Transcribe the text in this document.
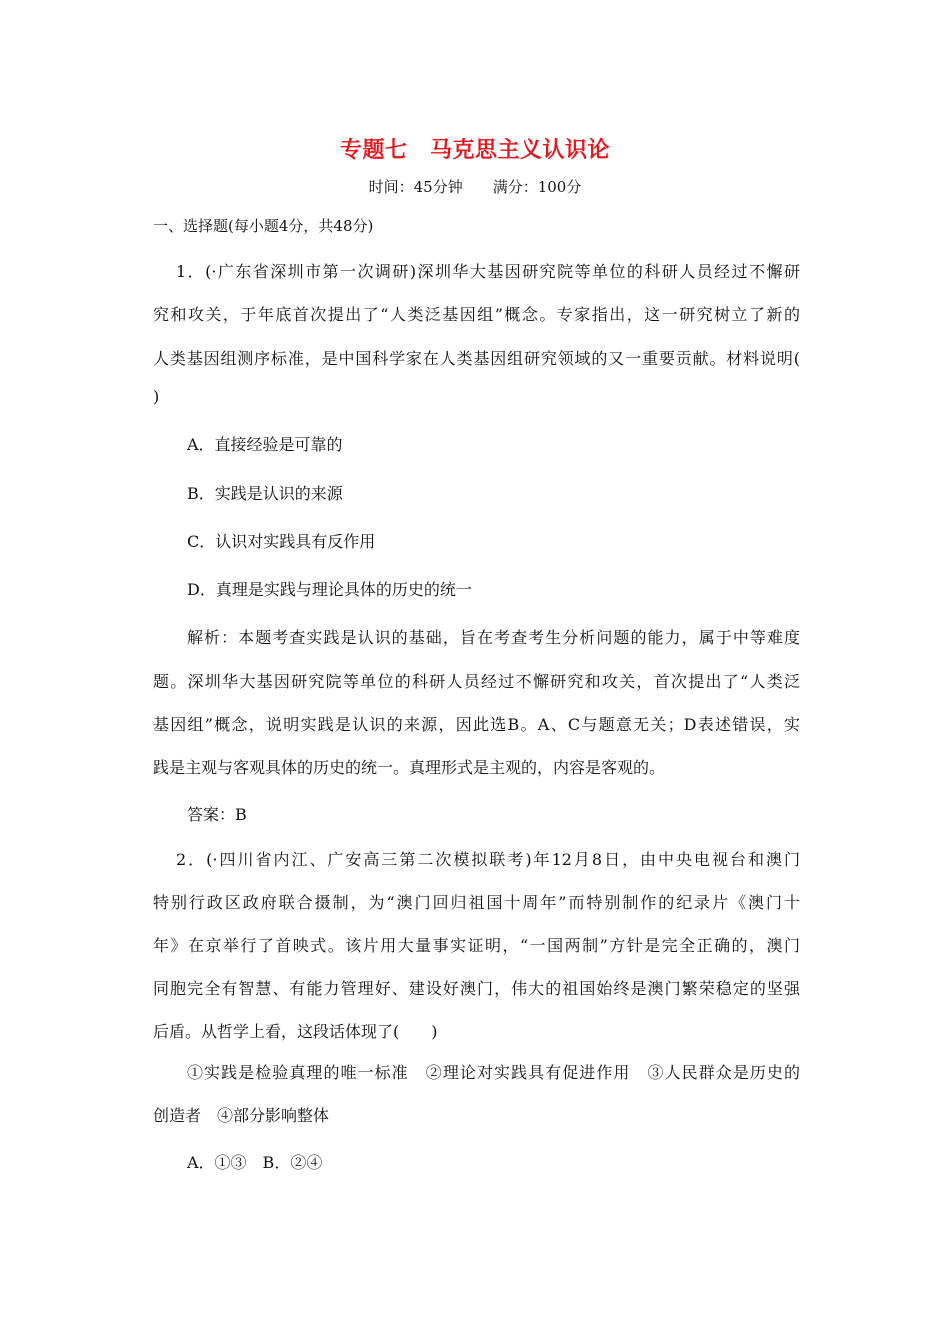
专题七　马克思主义认识论
时间：45分钟 满分：100分
一、选择题(每小题4分，共48分)
1．(·广东省深圳市第一次调研)深圳华大基因研究院等单位的科研人员经过不懈研
究和攻关，于年底首次提出了“人类泛基因组”概念。专家指出，这一研究树立了新的
人类基因组测序标准，是中国科学家在人类基因组研究领域的又一重要贡献。材料说明(
)
A．直接经验是可靠的
B．实践是认识的来源
C．认识对实践具有反作用
D．真理是实践与理论具体的历史的统一
解析：本题考查实践是认识的基础，旨在考查考生分析问题的能力，属于中等难度
题。深圳华大基因研究院等单位的科研人员经过不懈研究和攻关，首次提出了“人类泛
基因组”概念，说明实践是认识的来源，因此选B。A、C与题意无关；D表述错误，实
践是主观与客观具体的历史的统一。真理形式是主观的，内容是客观的。
答案：B
2．(·四川省内江、广安高三第二次模拟联考)年12月8日，由中央电视台和澳门
特别行政区政府联合摄制，为“澳门回归祖国十周年”而特别制作的纪录片《澳门十
年》在京举行了首映式。该片用大量事实证明，“一国两制”方针是完全正确的，澳门
同胞完全有智慧、有能力管理好、建设好澳门，伟大的祖国始终是澳门繁荣稳定的坚强
后盾。从哲学上看，这段话体现了(　　)
①实践是检验真理的唯一标准　②理论对实践具有促进作用　③人民群众是历史的
创造者　④部分影响整体
A．①③　B．②④
